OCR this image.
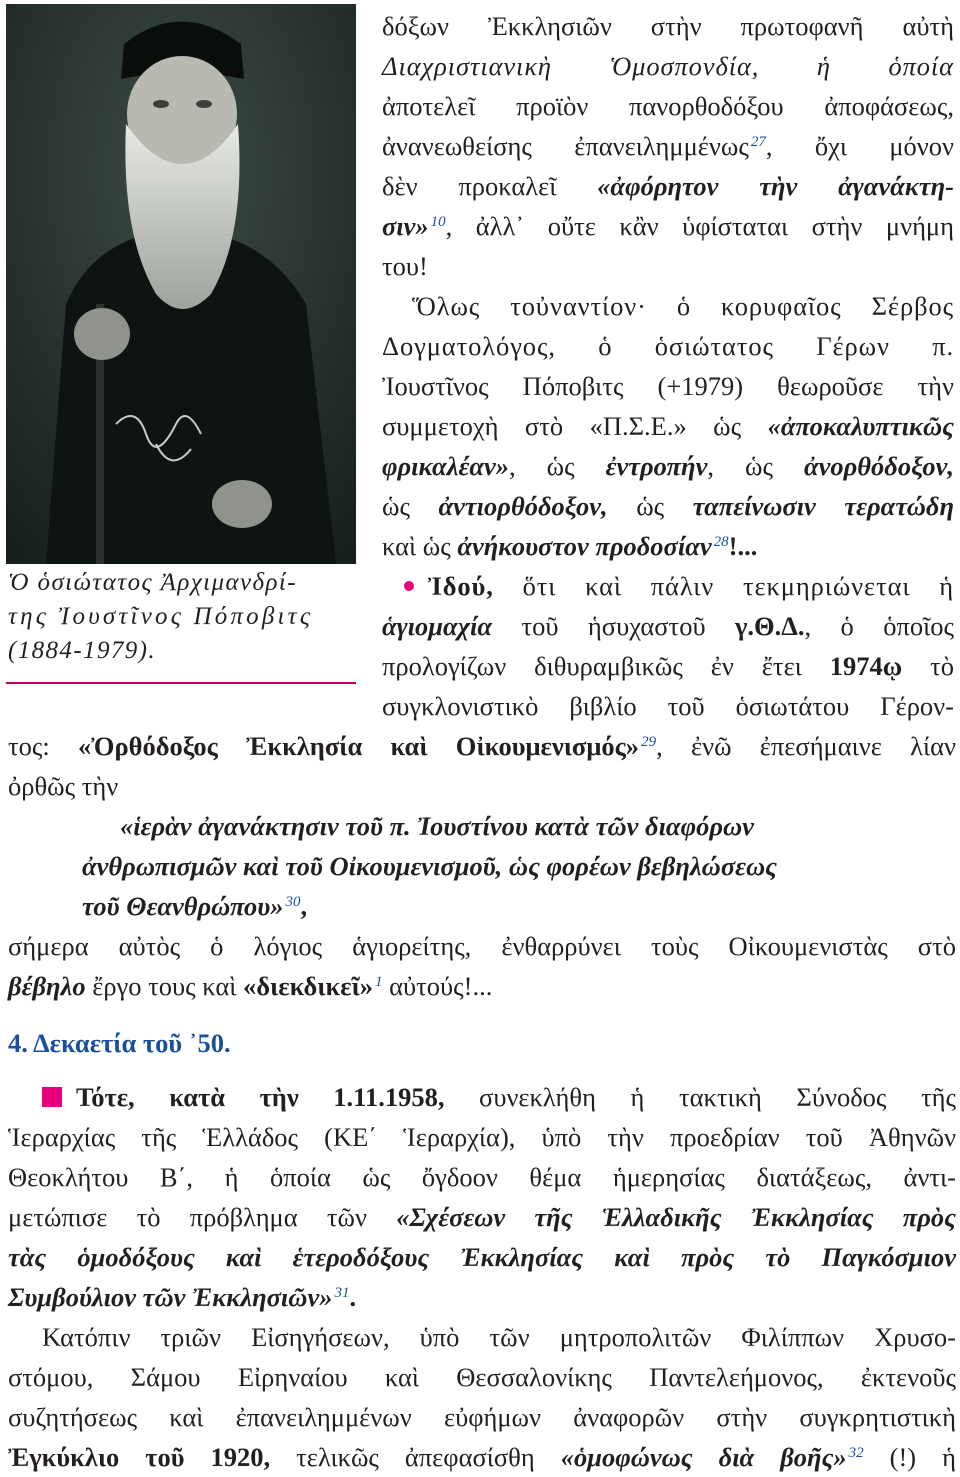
Ὁ ὁσιώτατος Ἀρχιμανδρί-
της Ἰουστῖνος Πόποβιτς
(1884-1979).
δόξων Ἐκκλησιῶν στὴν πρωτοφανῆ αὐτὴ
Διαχριστιανικὴ Ὁμοσπονδία, ἡ ὁποία
ἀποτελεῖ προϊὸν πανορθοδόξου ἀποφάσεως,
ἀνανεωθείσης ἐπανειλημμένως $^{27}$, ὄχι μόνον
δὲν προκαλεῖ «ἀφόρητον τὴν ἀγανάκτη-
σιν» $^{10}$, ἀλλ᾽ οὔτε κἂν ὑφίσταται στὴν μνήμη
του!
Ὅλως τοὐναντίον· ὁ κορυφαῖος Σέρβος
Δογματολόγος, ὁ ὁσιώτατος Γέρων π.
Ἰουστῖνος Πόποβιτς (+1979) θεωροῦσε τὴν
συμμετοχὴ στὸ «Π.Σ.Ε.» ὡς «ἀποκαλυπτικῶς
φρικαλέαν», ὡς ἐντροπήν, ὡς ἀνορθόδοξον,
ὡς ἀντιορθόδοξον, ὡς ταπείνωσιν τερατώδη
καὶ ὡς ἀνήκουστον προδοσίαν $^{28}$!...
Ἰδού, ὅτι καὶ πάλιν τεκμηριώνεται ἡ
ἁγιομαχία τοῦ ἡσυχαστοῦ γ.Θ.Δ., ὁ ὁποῖος
προλογίζων διθυραμβικῶς ἐν ἔτει 1974ῳ τὸ
συγκλονιστικὸ βιβλίο τοῦ ὁσιωτάτου Γέρον-
τος: «Ὀρθόδοξος Ἐκκλησία καὶ Οἰκουμενισμός» $^{29}$, ἐνῶ ἐπεσήμαινε λίαν
ὀρθῶς τὴν
«ἱερὰν ἀγανάκτησιν τοῦ π. Ἰουστίνου κατὰ τῶν διαφόρων
ἀνθρωπισμῶν καὶ τοῦ Οἰκουμενισμοῦ, ὡς φορέων βεβηλώσεως
τοῦ Θεανθρώπου» $^{30}$,
σήμερα αὐτὸς ὁ λόγιος ἁγιορείτης, ἐνθαρρύνει τοὺς Οἰκουμενιστὰς στὸ
βέβηλο ἔργο τους καὶ «διεκδικεῖ» $^1$ αὐτούς!...
4. Δεκαετία τοῦ ᾽50.
Τότε, κατὰ τὴν 1.11.1958, συνεκλήθη ἡ τακτικὴ Σύνοδος τῆς
Ἱεραρχίας τῆς Ἑλλάδος (ΚΕ΄ Ἱεραρχία), ὑπὸ τὴν προεδρίαν τοῦ Ἀθηνῶν
Θεοκλήτου Β΄, ἡ ὁποία ὡς ὄγδοον θέμα ἡμερησίας διατάξεως, ἀντι-
μετώπισε τὸ πρόβλημα τῶν «Σχέσεων τῆς Ἑλλαδικῆς Ἐκκλησίας πρὸς
τὰς ὁμοδόξους καὶ ἑτεροδόξους Ἐκκλησίας καὶ πρὸς τὸ Παγκόσμιον
Συμβούλιον τῶν Ἐκκλησιῶν» $^{31}$.
Κατόπιν τριῶν Εἰσηγήσεων, ὑπὸ τῶν μητροπολιτῶν Φιλίππων Χρυσο-
στόμου, Σάμου Εἰρηναίου καὶ Θεσσαλονίκης Παντελεήμονος, ἐκτενοῦς
συζητήσεως καὶ ἐπανειλημμένων εὐφήμων ἀναφορῶν στὴν συγκρητιστικὴ
Ἐγκύκλιο τοῦ 1920, τελικῶς ἀπεφασίσθη «ὁμοφώνως διὰ βοῆς» $^{32}$ (!) ἡ
